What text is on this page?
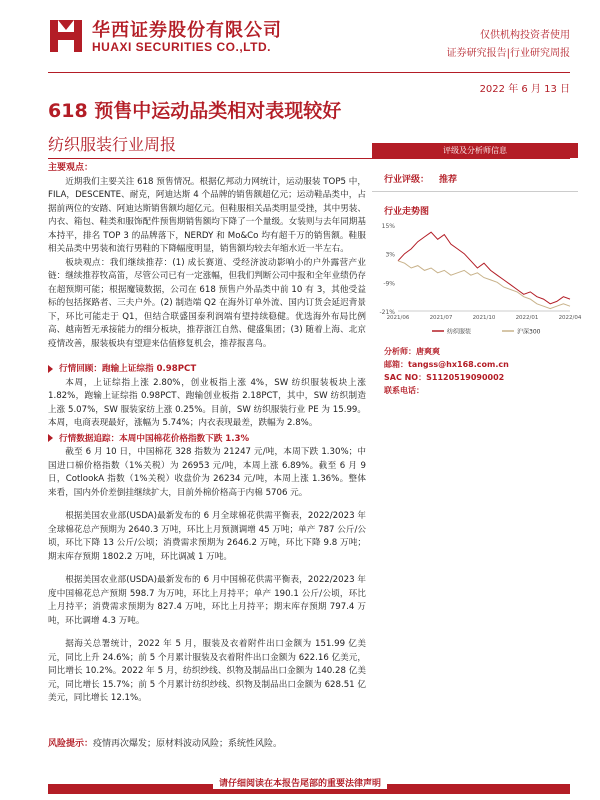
华西证券股份有限公司
HUAXI SECURITIES CO.,LTD.
仅供机构投资者使用
证券研究报告|行业研究周报
2022 年 6 月 13 日
618 预售中运动品类相对表现较好
纺织服装行业周报
主要观点：

近期我们主要关注 618 预售情况。根据亿邦动力网统计，运动服装 TOP5 中，FILA，DESCENTE、耐克，阿迪达斯 4 个品牌的销售额超亿元；运动鞋品类中，占据前两位的安踏、阿迪达斯销售额均超亿元。但鞋服相关品类明显受挫，其中男装、内衣、箱包、鞋类和服饰配件预售期销售额均下降了一个量级。女装则与去年同期基本持平，排名 TOP 3 的品牌落下，NERDY 和 Mo&Co 均有超千万的销售额。鞋服相关品类中男装和流行男鞋的下降幅度明显，销售额均较去年缩水近一半左右。

板块观点：我们继续推荐：(1) 成长赛道、受经济波动影响小的户外露营产业链：继续推荐牧高笛，尽管公司已有一定涨幅，但我们判断公司中报和全年业绩仍存在超预期可能；根据魔镜数据，公司在 618 预售户外品类中前 10 有 3，其他受益标的包括探路者、三夫户外。(2) 制造端 Q2 在海外订单外流、国内订货会延迟背景下，环比可能走于 Q1，但结合联盛国泰利润端有望持续稳健。优选海外布局比例高、越南暂无承接能力的细分板块，推荐浙江自然、健盛集团；(3) 随着上海、北京疫情改善，服装板块有望迎来估值修复机会，推荐报喜鸟。

行情回顾：跑输上证综指 0.98PCT

本周，上证综指上涨 2.80%，创业板指上涨 4%，SW 纺织服装板块上涨 1.82%，跑输上证综指 0.98PCT、跑输创业板指 2.18PCT，其中，SW 纺织制造上涨 5.07%，SW 服装家纺上涨 0.25%。目前，SW 纺织服装行业 PE 为 15.99。本周，电商表现最好，涨幅为 5.74%；内衣表现最差，跌幅为 2.8%。

行情数据追踪：本周中国棉花价格指数下跌 1.3%

截至 6 月 10 日，中国棉花 328 指数为 21247 元/吨，本周下跌 1.30%；中国进口棉价格指数（1%关税）为 26953 元/吨，本周上涨 6.89%。截至 6 月 9 日，CotlookA 指数（1%关税）收盘价为 26234 元/吨，本周上涨 1.36%。整体来看，国内外价差倒挂继续扩大，目前外棉价格高于内棉 5706 元。

根据美国农业部(USDA)最新发布的 6 月全球棉花供需平衡表，2022/2023 年全球棉花总产预期为 2640.3 万吨，环比上月预测调增 45 万吨；单产 787 公斤/公顷，环比下降 13 公斤/公顷；消费需求预期为 2646.2 万吨，环比下降 9.8 万吨；期末库存预期 1802.2 万吨，环比调减 1 万吨。

根据美国农业部(USDA)最新发布的 6 月中国棉花供需平衡表，2022/2023 年度中国棉花总产预期 598.7 为万吨，环比上月持平；单产 190.1 公斤/公顷，环比上月持平；消费需求预期为 827.4 万吨，环比上月持平；期末库存预期 797.4 万吨，环比调增 4.3 万吨。

据海关总署统计，2022 年 5 月，服装及衣着附件出口金额为 151.99 亿美元，同比上升 24.6%；前 5 个月累计服装及衣着附件出口金额为 622.16 亿美元，同比增长 10.2%。2022 年 5 月，纺织纱线、织物及制品出口金额为 140.28 亿美元，同比增长 15.7%；前 5 个月累计纺织纱线、织物及制品出口金额为 628.51 亿美元，同比增长 12.1%。

评级及分析师信息
行业评级： 推荐
行业走势图
15%
3%
-9%
-21%
2021/06	2021/07	2021/10	2022/01	2022/04
纺织服装	沪深300
分析师：唐爽爽
邮箱：tangss@hx168.com.cn
SAC NO：S1120519090002
联系电话：
风险提示：疫情再次爆发；原材料波动风险；系统性风险。
请仔细阅读在本报告尾部的重要法律声明
